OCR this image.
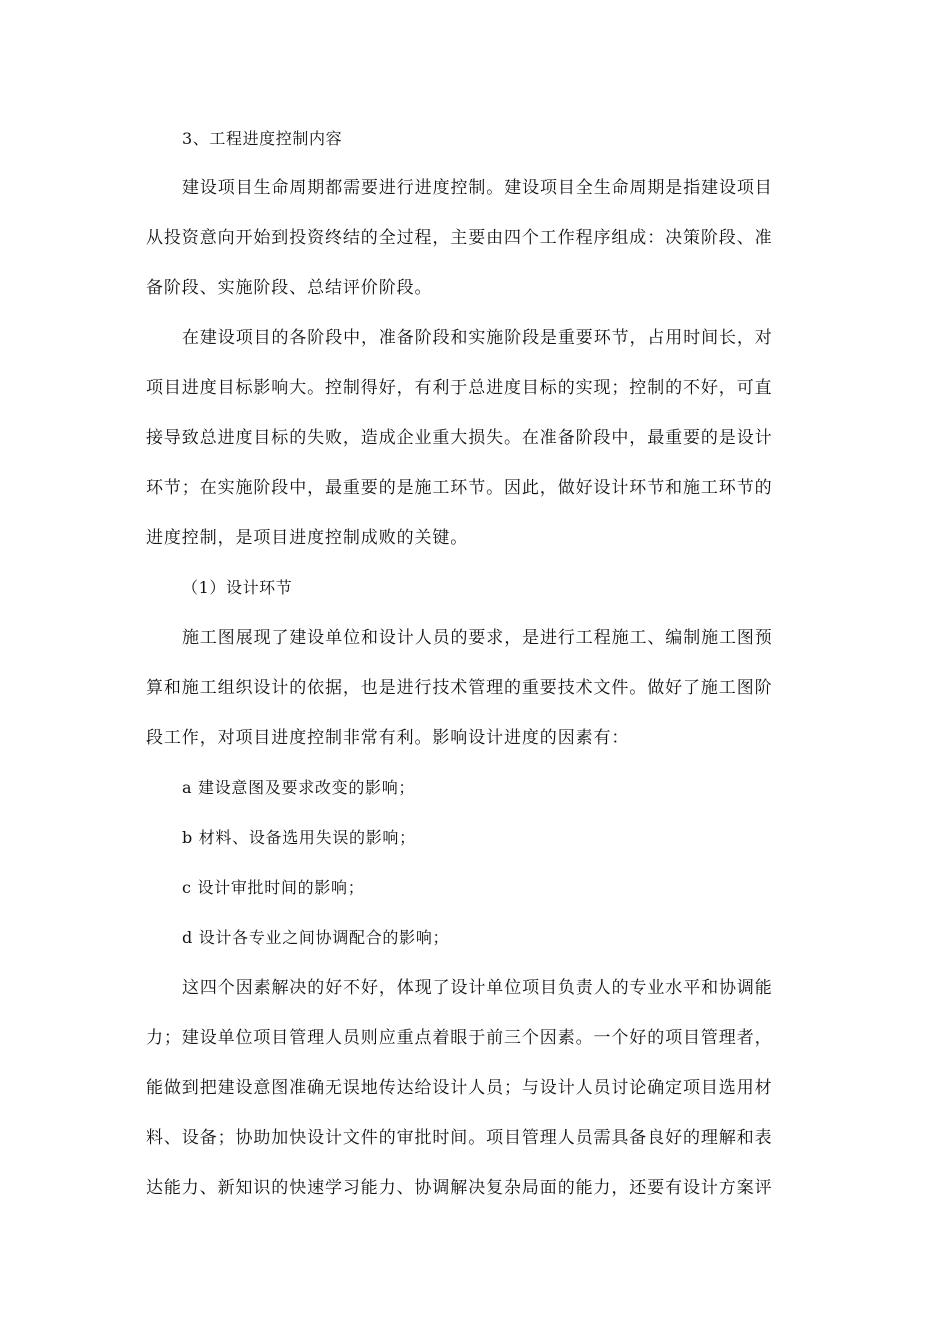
3、工程进度控制内容
建设项目生命周期都需要进行进度控制。建设项目全生命周期是指建设项目
从投资意向开始到投资终结的全过程，主要由四个工作程序组成：决策阶段、准
备阶段、实施阶段、总结评价阶段。
在建设项目的各阶段中，准备阶段和实施阶段是重要环节，占用时间长，对
项目进度目标影响大。控制得好，有利于总进度目标的实现；控制的不好，可直
接导致总进度目标的失败，造成企业重大损失。在准备阶段中，最重要的是设计
环节；在实施阶段中，最重要的是施工环节。因此，做好设计环节和施工环节的
进度控制，是项目进度控制成败的关键。
（1）设计环节
施工图展现了建设单位和设计人员的要求，是进行工程施工、编制施工图预
算和施工组织设计的依据，也是进行技术管理的重要技术文件。做好了施工图阶
段工作，对项目进度控制非常有利。影响设计进度的因素有：
a 建设意图及要求改变的影响；
b 材料、设备选用失误的影响；
c 设计审批时间的影响；
d 设计各专业之间协调配合的影响；
这四个因素解决的好不好，体现了设计单位项目负责人的专业水平和协调能
力；建设单位项目管理人员则应重点着眼于前三个因素。一个好的项目管理者，
能做到把建设意图准确无误地传达给设计人员；与设计人员讨论确定项目选用材
料、设备；协助加快设计文件的审批时间。项目管理人员需具备良好的理解和表
达能力、新知识的快速学习能力、协调解决复杂局面的能力，还要有设计方案评
